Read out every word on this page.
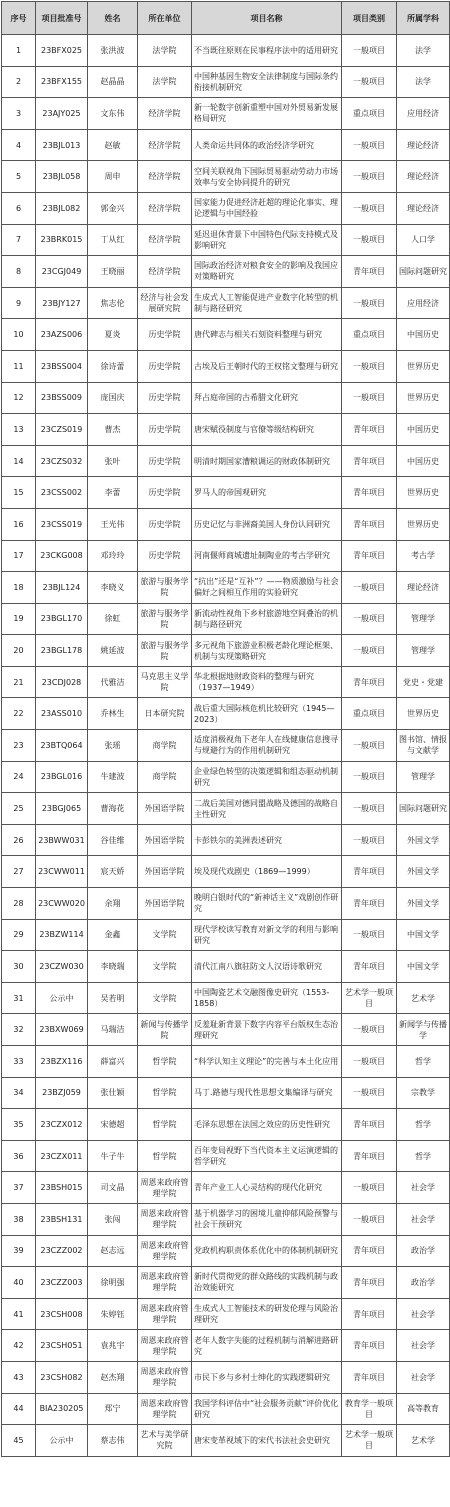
序号	项目批准号	姓名	所在单位	项目名称	项目类别	所属学科
1	23BFX025	张洪波	法学院	不当既往原则在民事程序法中的适用研究	一般项目	法学
2	23BFX155	赵晶晶	法学院	中国种基因生物安全法律制度与国际条约衔接机制研究	一般项目	法学
3	23AJY025	文东伟	经济学院	新一轮数字创新重塑中国对外贸易新发展格局研究	重点项目	应用经济
4	23BJL013	赵敏	经济学院	人类命运共同体的政治经济学研究	一般项目	理论经济
5	23BJL058	周申	经济学院	空间关联视角下国际贸易驱动劳动力市场效率与安全协同提升的研究	一般项目	理论经济
6	23BJL082	郭金兴	经济学院	国家能力促进经济赶超的理论化事实、理论逻辑与中国经验	一般项目	理论经济
7	23BRK015	丁从红	经济学院	延迟退休背景下中国特色代际支持模式及影响研究	一般项目	人口学
8	23CGJ049	王晓丽	经济学院	国际政治经济对粮食安全的影响及我国应对策略研究	青年项目	国际问题研究
9	23BJY127	焦志伦	经济与社会发展研究院	生成式人工智能促进产业数字化转型的机制与路径研究	一般项目	应用经济
10	23AZS006	夏炎	历史学院	唐代碑志与相关石刻资料整理与研究	重点项目	中国历史
11	23BSS004	徐诗蕾	历史学院	古埃及后王朝时代的王权铭文整理与研究	一般项目	世界历史
12	23BSS009	庞国庆	历史学院	拜占庭帝国的古希腊文化研究	一般项目	世界历史
13	23CZS019	曹杰	历史学院	唐宋赋役制度与官僚等级结构研究	青年项目	中国历史
14	23CZS032	张叶	历史学院	明清时期国家漕粮调运的财政体制研究	青年项目	中国历史
15	23CSS002	李蕾	历史学院	罗马人的帝国观研究	青年项目	世界历史
16	23CSS019	王光伟	历史学院	历史记忆与非洲裔美国人身份认同研究	青年项目	世界历史
17	23CKG008	邓玲玲	历史学院	河南偃师商城遗址制陶业的考古学研究	青年项目	考古学
18	23BJL124	李晓义	旅游与服务学院	“抗出”还是“互补”？——物质激励与社会偏好之间相互作用的实验研究	一般项目	理论经济
19	23BGL170	徐虹	旅游与服务学院	新流动性视角下乡村旅游地空间叠治的机制与路径研究	一般项目	管理学
20	23BGL178	姚延波	旅游与服务学院	多元视角下旅游业积极老龄化理论框架、机制与实现策略研究	一般项目	管理学
21	23CDJ028	代雅洁	马克思主义学院	华北根据地财政资料的整理与研究（1937—1949）	青年项目	党史・党建
22	23ASS010	乔林生	日本研究院	战后重大国际核危机比较研究（1945—2023）	重点项目	世界历史
23	23BTQ064	张瑶	商学院	适度消极视角下老年人在线健康信息搜寻与规避行为的作用机制研究	一般项目	图书馆、情报与文献学
24	23BGL016	牛建波	商学院	企业绿色转型的决策逻辑和组态驱动机制研究	一般项目	管理学
25	23BGJ065	曹海花	外国语学院	二战后美国对德同盟战略及德国的战略自主性研究	一般项目	国际问题研究
26	23BWW031	谷佳维	外国语学院	卡彭铁尔的美洲表述研究	一般项目	外国文学
27	23CWW011	宸天娇	外国语学院	埃及现代戏剧史（1869—1999）	青年项目	外国文学
28	23CWW020	余翔	外国语学院	晚明白银时代的“新神话主义”戏剧创作研究	青年项目	外国文学
29	23BZW114	金鑫	文学院	现代学校读写教育对新文学的利用与影响研究	一般项目	中国文学
30	23CZW030	李晓瑞	文学院	清代江南八旗驻防文人汉语诗歌研究	青年项目	中国文学
31	公示中	吴若明	文学院	中国陶瓷艺术交融图像史研究（1553-1858）	艺术学一般项目	艺术学
32	23BXW069	马瑞洁	新闻与传播学院	反羞耻新背景下数字内容平台版权生态治理研究	一般项目	新闻学与传播学
33	23BZX116	薛富兴	哲学院	“科学认知主义理论”的完善与本土化应用	一般项目	哲学
34	23BZJ059	张仕颖	哲学院	马丁.路德与现代性思想文集编译与研究	一般项目	宗教学
35	23CZX012	宋德超	哲学院	毛泽东思想在法国之效应的历史性研究	青年项目	哲学
36	23CZX011	牛子牛	哲学院	百年变局视野下当代资本主义运演逻辑的哲学研究	青年项目	哲学
37	23BSH015	司文晶	周恩来政府管理学院	青年产业工人心灵结构的现代化研究	一般项目	社会学
38	23BSH131	张闯	周恩来政府管理学院	基于机器学习的困境儿童抑郁风险预警与社会干预研究	一般项目	社会学
39	23CZZ002	赵志远	周恩来政府管理学院	党政机构职责体系优化中的体制机制研究	青年项目	政治学
40	23CZZ003	徐明强	周恩来政府管理学院	新时代贯彻党的群众路线的实践机制与政治效能研究	青年项目	政治学
41	23CSH008	朱婷钰	周恩来政府管理学院	生成式人工智能技术的研发伦理与风险治理研究	青年项目	社会学
42	23CSH051	袁兆宇	周恩来政府管理学院	老年人数字失能的过程机制与消解进路研究	青年项目	社会学
43	23CSH082	赵杰翔	周恩来政府管理学院	市民下乡与乡村士绅化的实践逻辑研究	青年项目	社会学
44	BIA230205	郑宁	周恩来政府管理学院	我国学科评估中“社会服务贡献”评价优化研究	教育学一般项目	高等教育
45	公示中	蔡志伟	艺术与美学研究院	唐宋变革视域下的宋代书法社会史研究	艺术学一般项目	艺术学
